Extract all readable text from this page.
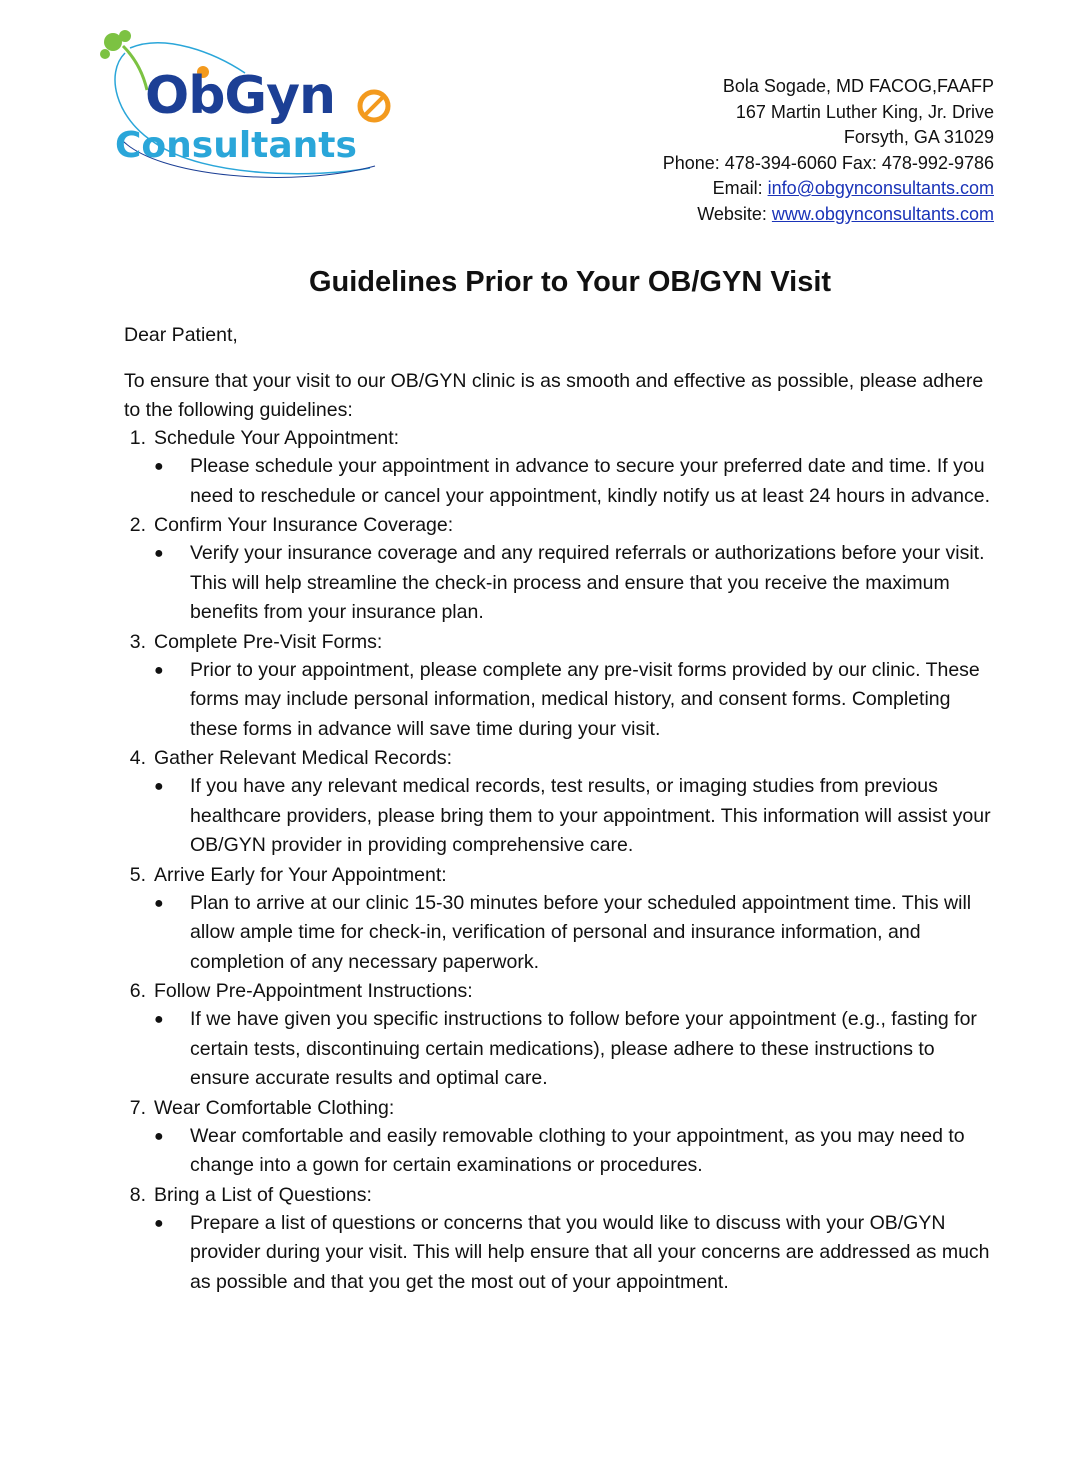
ObGyn
Consultants
Bola Sogade, MD FACOG,FAAFP
167 Martin Luther King, Jr. Drive
Forsyth, GA 31029
Phone: 478-394-6060 Fax: 478-992-9786
Email: info@obgynconsultants.com
Website: www.obgynconsultants.com
Guidelines Prior to Your OB/GYN Visit
Dear Patient,
To ensure that your visit to our OB/GYN clinic is as smooth and effective as possible, please adhere to the following guidelines:
1. Schedule Your Appointment:
●	Please schedule your appointment in advance to secure your preferred date and time. If you need to reschedule or cancel your appointment, kindly notify us at least 24 hours in advance.
2. Confirm Your Insurance Coverage:
●	Verify your insurance coverage and any required referrals or authorizations before your visit. This will help streamline the check-in process and ensure that you receive the maximum benefits from your insurance plan.
3. Complete Pre-Visit Forms:
●	Prior to your appointment, please complete any pre-visit forms provided by our clinic. These forms may include personal information, medical history, and consent forms. Completing these forms in advance will save time during your visit.
4. Gather Relevant Medical Records:
●	If you have any relevant medical records, test results, or imaging studies from previous healthcare providers, please bring them to your appointment. This information will assist your OB/GYN provider in providing comprehensive care.
5. Arrive Early for Your Appointment:
●	Plan to arrive at our clinic 15-30 minutes before your scheduled appointment time. This will allow ample time for check-in, verification of personal and insurance information, and completion of any necessary paperwork.
6. Follow Pre-Appointment Instructions:
●	If we have given you specific instructions to follow before your appointment (e.g., fasting for certain tests, discontinuing certain medications), please adhere to these instructions to ensure accurate results and optimal care.
7. Wear Comfortable Clothing:
●	Wear comfortable and easily removable clothing to your appointment, as you may need to change into a gown for certain examinations or procedures.
8. Bring a List of Questions:
●	Prepare a list of questions or concerns that you would like to discuss with your OB/GYN provider during your visit. This will help ensure that all your concerns are addressed as much as possible and that you get the most out of your appointment.
